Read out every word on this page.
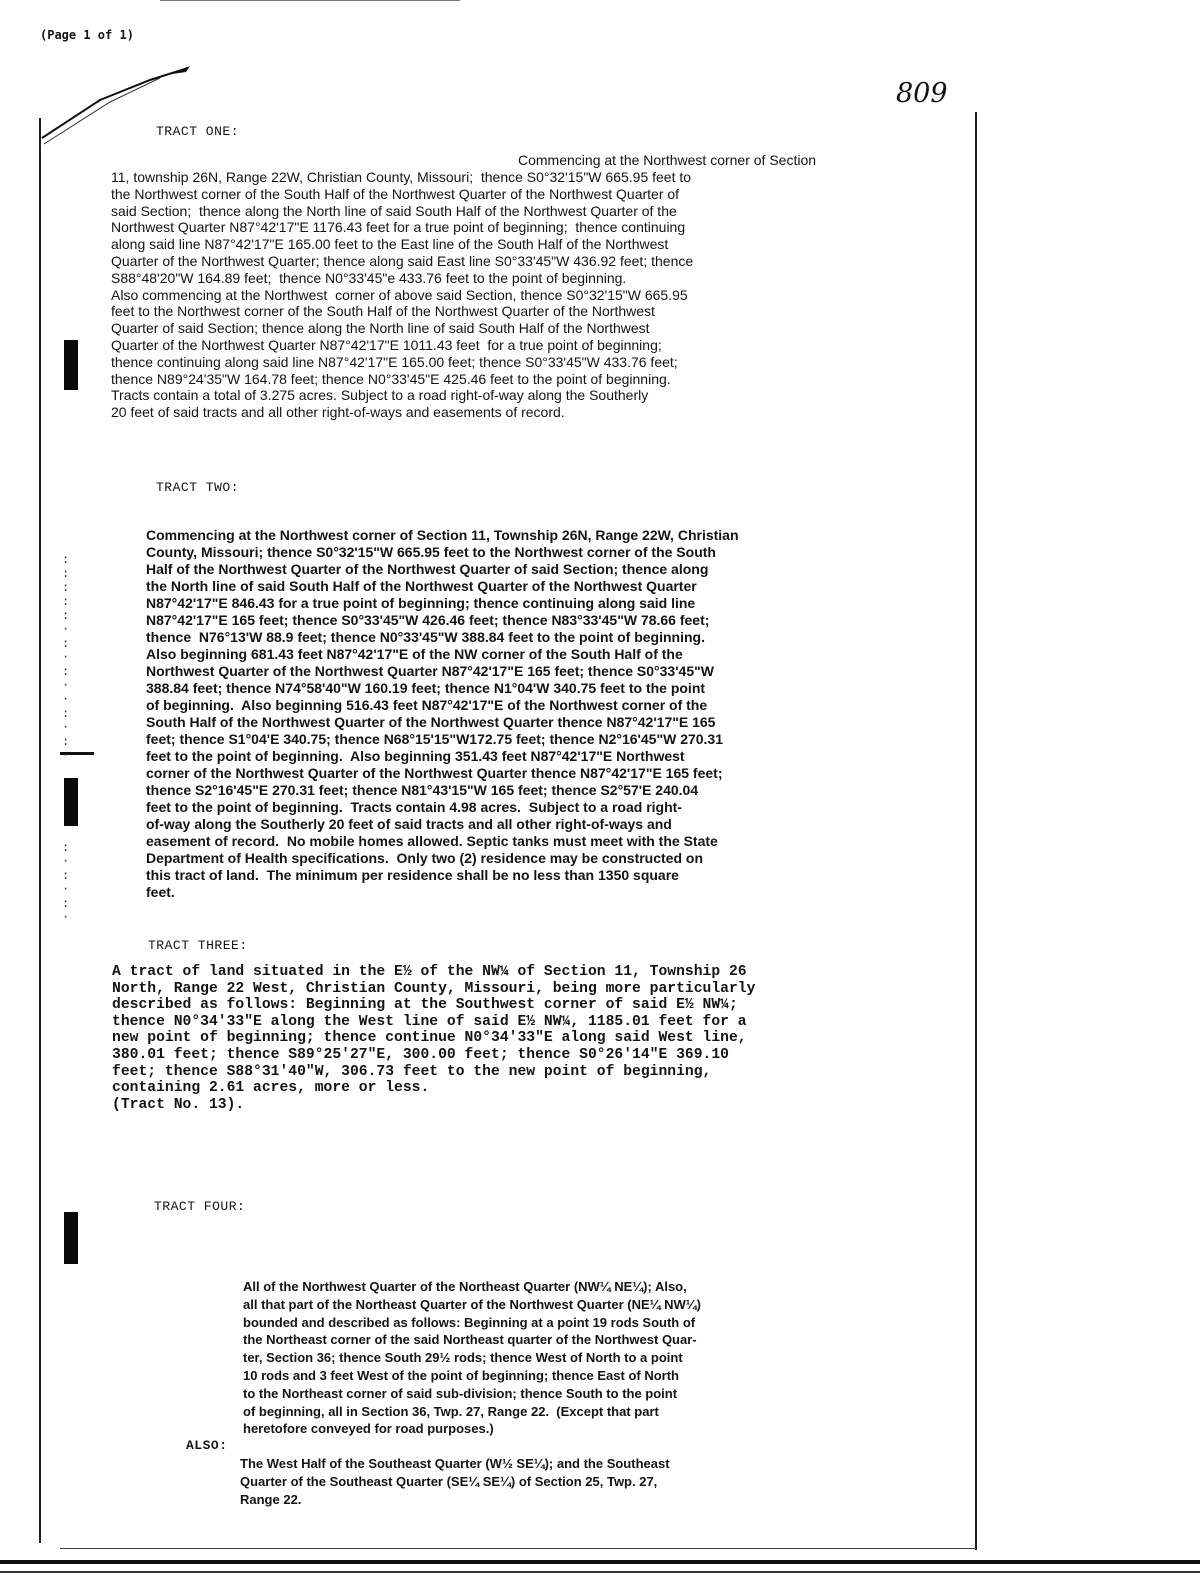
(Page 1 of 1)
809
:
:
:
:
:
·
:
·
:
·
·
:
·
:
·
:
·
:
·
:
·
TRACT ONE:
Commencing at the Northwest corner of Section
11, township 26N, Range 22W, Christian County, Missouri;  thence S0°32'15"W 665.95 feet to
the Northwest corner of the South Half of the Northwest Quarter of the Northwest Quarter of
said Section;  thence along the North line of said South Half of the Northwest Quarter of the
Northwest Quarter N87°42'17"E 1176.43 feet for a true point of beginning;  thence continuing
along said line N87°42'17"E 165.00 feet to the East line of the South Half of the Northwest
Quarter of the Northwest Quarter; thence along said East line S0°33'45"W 436.92 feet; thence
S88°48'20"W 164.89 feet;  thence N0°33'45"e 433.76 feet to the point of beginning.
Also commencing at the Northwest  corner of above said Section, thence S0°32'15"W 665.95
feet to the Northwest corner of the South Half of the Northwest Quarter of the Northwest
Quarter of said Section; thence along the North line of said South Half of the Northwest
Quarter of the Northwest Quarter N87°42'17"E 1011.43 feet  for a true point of beginning;
thence continuing along said line N87°42'17"E 165.00 feet; thence S0°33'45"W 433.76 feet;
thence N89°24'35"W 164.78 feet; thence N0°33'45"E 425.46 feet to the point of beginning.
Tracts contain a total of 3.275 acres. Subject to a road right-of-way along the Southerly
20 feet of said tracts and all other right-of-ways and easements of record.
TRACT TWO:
Commencing at the Northwest corner of Section 11, Township 26N, Range 22W, Christian
County, Missouri; thence S0°32'15"W 665.95 feet to the Northwest corner of the South
Half of the Northwest Quarter of the Northwest Quarter of said Section; thence along
the North line of said South Half of the Northwest Quarter of the Northwest Quarter
N87°42'17"E 846.43 for a true point of beginning; thence continuing along said line
N87°42'17"E 165 feet; thence S0°33'45"W 426.46 feet; thence N83°33'45"W 78.66 feet;
thence  N76°13'W 88.9 feet; thence N0°33'45"W 388.84 feet to the point of beginning.
Also beginning 681.43 feet N87°42'17"E of the NW corner of the South Half of the
Northwest Quarter of the Northwest Quarter N87°42'17"E 165 feet; thence S0°33'45"W
388.84 feet; thence N74°58'40"W 160.19 feet; thence N1°04'W 340.75 feet to the point
of beginning.  Also beginning 516.43 feet N87°42'17"E of the Northwest corner of the
South Half of the Northwest Quarter of the Northwest Quarter thence N87°42'17"E 165
feet; thence S1°04'E 340.75; thence N68°15'15"W172.75 feet; thence N2°16'45"W 270.31
feet to the point of beginning.  Also beginning 351.43 feet N87°42'17"E Northwest
corner of the Northwest Quarter of the Northwest Quarter thence N87°42'17"E 165 feet;
thence S2°16'45"E 270.31 feet; thence N81°43'15"W 165 feet; thence S2°57'E 240.04
feet to the point of beginning.  Tracts contain 4.98 acres.  Subject to a road right-
of-way along the Southerly 20 feet of said tracts and all other right-of-ways and
easement of record.  No mobile homes allowed. Septic tanks must meet with the State
Department of Health specifications.  Only two (2) residence may be constructed on
this tract of land.  The minimum per residence shall be no less than 1350 square
feet.
TRACT THREE:
A tract of land situated in the E½ of the NW¼ of Section 11, Township 26
North, Range 22 West, Christian County, Missouri, being more particularly
described as follows: Beginning at the Southwest corner of said E½ NW¼;
thence N0°34'33"E along the West line of said E½ NW¼, 1185.01 feet for a
new point of beginning; thence continue N0°34'33"E along said West line,
380.01 feet; thence S89°25'27"E, 300.00 feet; thence S0°26'14"E 369.10
feet; thence S88°31'40"W, 306.73 feet to the new point of beginning,
containing 2.61 acres, more or less.
(Tract No. 13).
TRACT FOUR:
All of the Northwest Quarter of the Northeast Quarter (NW¼ NE¼); Also,
all that part of the Northeast Quarter of the Northwest Quarter (NE¼ NW¼)
bounded and described as follows: Beginning at a point 19 rods South of
the Northeast corner of the said Northeast quarter of the Northwest Quar-
ter, Section 36; thence South 29½ rods; thence West of North to a point
10 rods and 3 feet West of the point of beginning; thence East of North
to the Northeast corner of said sub-division; thence South to the point
of beginning, all in Section 36, Twp. 27, Range 22.  (Except that part
heretofore conveyed for road purposes.)
ALSO:
The West Half of the Southeast Quarter (W½ SE¼); and the Southeast
Quarter of the Southeast Quarter (SE¼ SE¼) of Section 25, Twp. 27,
Range 22.
